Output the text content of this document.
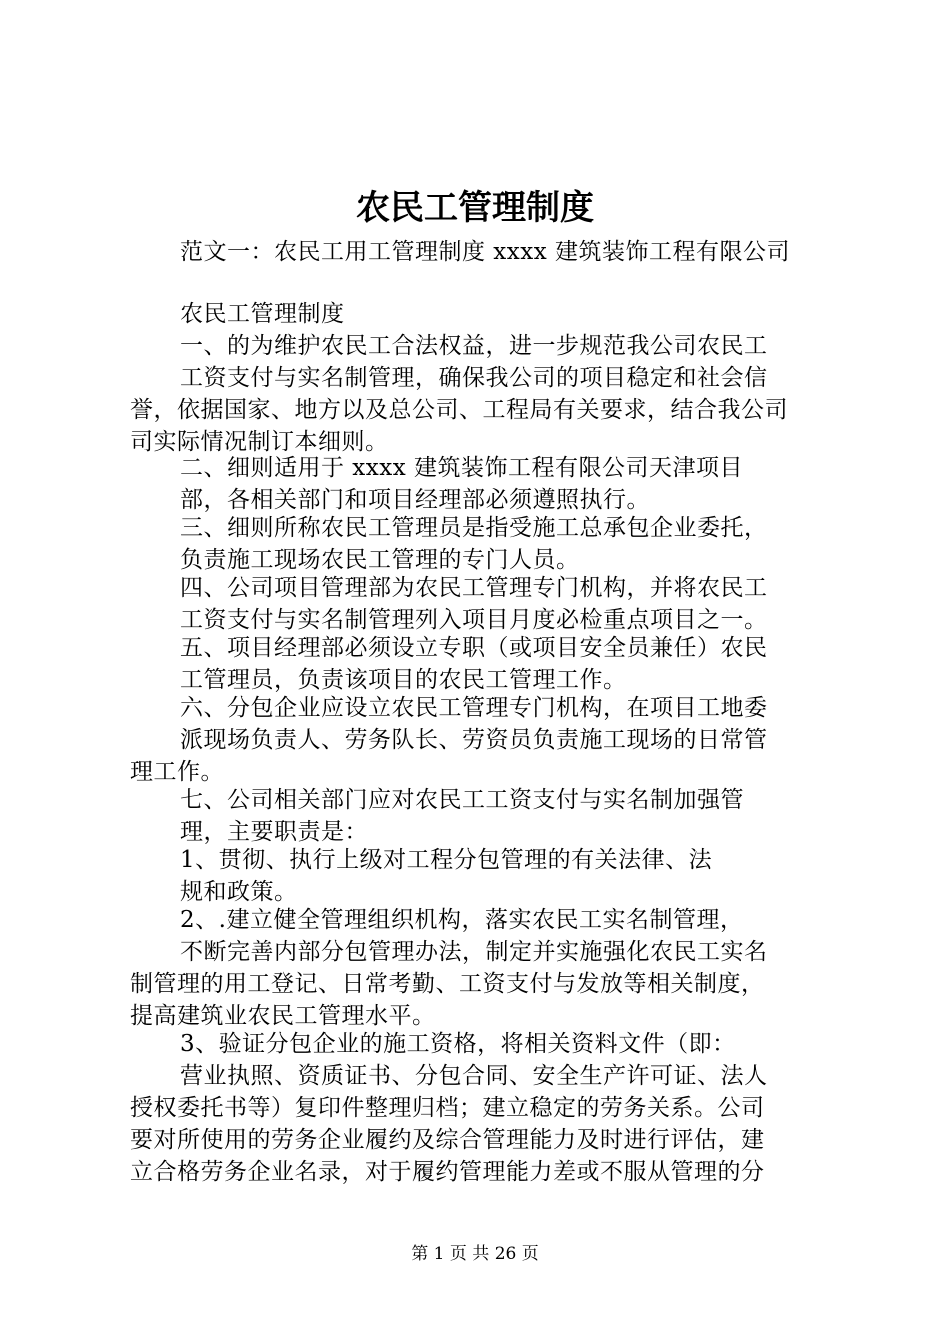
农民工管理制度
范文一：农民工用工管理制度 xxxx 建筑装饰工程有限公司
农民工管理制度
一、的为维护农民工合法权益，进一步规范我公司农民工
工资支付与实名制管理，确保我公司的项目稳定和社会信
誉，依据国家、地方以及总公司、工程局有关要求，结合我公司
司实际情况制订本细则。
二、细则适用于 xxxx 建筑装饰工程有限公司天津项目
部，各相关部门和项目经理部必须遵照执行。
三、细则所称农民工管理员是指受施工总承包企业委托，
负责施工现场农民工管理的专门人员。
四、公司项目管理部为农民工管理专门机构，并将农民工
工资支付与实名制管理列入项目月度必检重点项目之一。
五、项目经理部必须设立专职（或项目安全员兼任）农民
工管理员，负责该项目的农民工管理工作。
六、分包企业应设立农民工管理专门机构，在项目工地委
派现场负责人、劳务队长、劳资员负责施工现场的日常管
理工作。
七、公司相关部门应对农民工工资支付与实名制加强管
理，主要职责是：
1、贯彻、执行上级对工程分包管理的有关法律、法
规和政策。
2、.建立健全管理组织机构，落实农民工实名制管理，
不断完善内部分包管理办法，制定并实施强化农民工实名
制管理的用工登记、日常考勤、工资支付与发放等相关制度，
提高建筑业农民工管理水平。
3、验证分包企业的施工资格，将相关资料文件（即：
营业执照、资质证书、分包合同、安全生产许可证、法人
授权委托书等）复印件整理归档；建立稳定的劳务关系。公司
要对所使用的劳务企业履约及综合管理能力及时进行评估，建
立合格劳务企业名录，对于履约管理能力差或不服从管理的分
第 1 页 共 26 页
